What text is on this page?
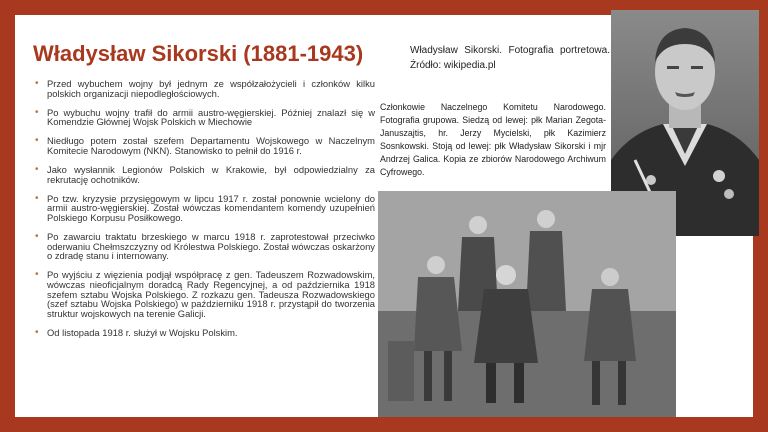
Władysław Sikorski (1881-1943)
• Przed wybuchem wojny był jednym ze współzałożycieli i członków kilku polskich organizacji niepodległościowych.
• Po wybuchu wojny trafił do armii austro-węgierskiej. Później znalazł się w Komendzie Głównej Wojsk Polskich w Miechowie
• Niedługo potem został szefem Departamentu Wojskowego w Naczelnym Komitecie Narodowym (NKN). Stanowisko to pełnił do 1916 r.
• Jako wysłannik Legionów Polskich w Krakowie, był odpowiedzialny za rekrutację ochotników.
• Po tzw. kryzysie przysięgowym w lipcu 1917 r. został ponownie wcielony do armii austro-węgierskiej. Został wówczas komendantem komendy uzupełnień Polskiego Korpusu Posiłkowego.
• Po zawarciu traktatu brzeskiego w marcu 1918 r. zaprotestował przeciwko oderwaniu Chełmszczyzny od Królestwa Polskiego. Został wówczas oskarżony o zdradę stanu i internowany.
• Po wyjściu z więzienia podjął współpracę z gen. Tadeuszem Rozwadowskim, wówczas nieoficjalnym doradcą Rady Regencyjnej, a od października 1918 szefem sztabu Wojska Polskiego. Z rozkazu gen. Tadeusza Rozwadowskiego (szef sztabu Wojska Polskiego) w październiku 1918 r. przystąpił do tworzenia struktur wojskowych na terenie Galicji.
• Od listopada 1918 r. służył w Wojsku Polskim.

Władysław Sikorski. Fotografia portretowa. Źródło: wikipedia.pl

Członkowie Naczelnego Komitetu Narodowego. Fotografia grupowa. Siedzą od lewej: płk Marian Zegota-Januszajtis, hr. Jerzy Mycielski, płk Kazimierz Sosnkowski. Stoją od lewej: płk Władysław Sikorski i mjr Andrzej Galica. Kopia ze zbiorów Narodowego Archiwum Cyfrowego.
